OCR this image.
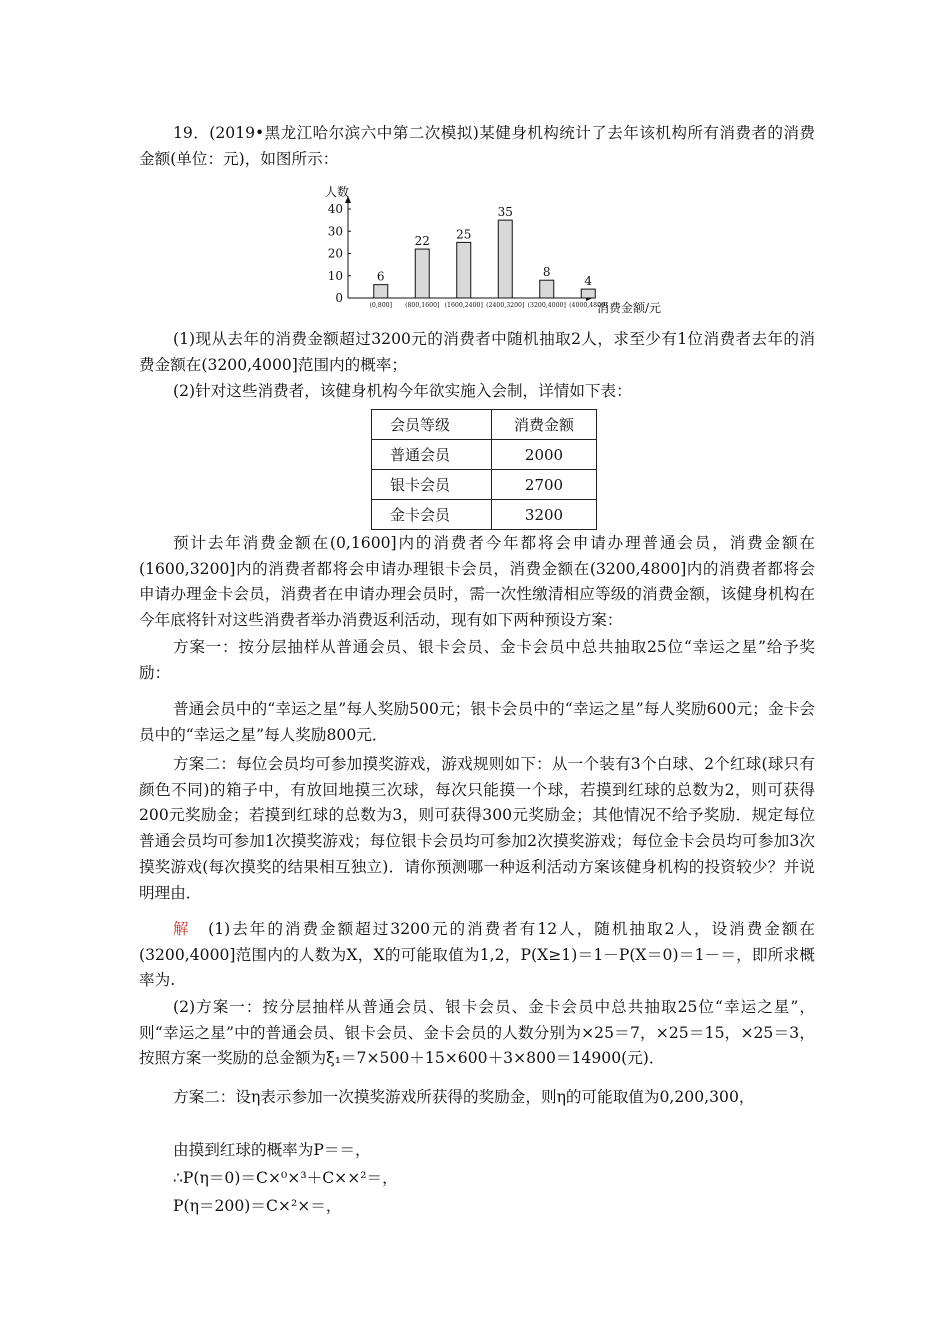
19．(2019•黑龙江哈尔滨六中第二次模拟)某健身机构统计了去年该机构所有消费者的消费金额(单位：元)，如图所示：

人数
消费金额/元
0
10
20
30
40
6
(0,800]
22
(800,1600]
25
(1600,2400]
35
(2400,3200]
8
(3200,4000]
4
(4000,4800]

(1)现从去年的消费金额超过3200元的消费者中随机抽取2人，求至少有1位消费者去年的消费金额在(3200,4000]范围内的概率；

(2)针对这些消费者，该健身机构今年欲实施入会制，详情如下表：

会员等级	消费金额
普通会员	2000
银卡会员	2700
金卡会员	3200

预计去年消费金额在(0,1600]内的消费者今年都将会申请办理普通会员，消费金额在(1600,3200]内的消费者都将会申请办理银卡会员，消费金额在(3200,4800]内的消费者都将会申请办理金卡会员，消费者在申请办理会员时，需一次性缴清相应等级的消费金额，该健身机构在今年底将针对这些消费者举办消费返利活动，现有如下两种预设方案：

方案一：按分层抽样从普通会员、银卡会员、金卡会员中总共抽取25位“幸运之星”给予奖励：

普通会员中的“幸运之星”每人奖励500元；银卡会员中的“幸运之星”每人奖励600元；金卡会员中的“幸运之星”每人奖励800元．

方案二：每位会员均可参加摸奖游戏，游戏规则如下：从一个装有3个白球、2个红球(球只有颜色不同)的箱子中，有放回地摸三次球，每次只能摸一个球，若摸到红球的总数为2，则可获得200元奖励金；若摸到红球的总数为3，则可获得300元奖励金；其他情况不给予奖励．规定每位普通会员均可参加1次摸奖游戏；每位银卡会员均可参加2次摸奖游戏；每位金卡会员均可参加3次摸奖游戏(每次摸奖的结果相互独立)．请你预测哪一种返利活动方案该健身机构的投资较少？并说明理由．

解　 (1)去年的消费金额超过3200元的消费者有12人，随机抽取2人，设消费金额在(3200,4000]范围内的人数为X，X的可能取值为1,2，P(X≥1)＝1－P(X＝0)＝1－＝，即所求概率为.

(2)方案一：按分层抽样从普通会员、银卡会员、金卡会员中总共抽取25位“幸运之星”，则“幸运之星”中的普通会员、银卡会员、金卡会员的人数分别为×25＝7，×25＝15，×25＝3，按照方案一奖励的总金额为ξ₁＝7×500＋15×600＋3×800＝14900(元)．

方案二：设η表示参加一次摸奖游戏所获得的奖励金，则η的可能取值为0,200,300，

由摸到红球的概率为P＝＝，

∴P(η＝0)＝C×⁰×³＋C××²＝，

P(η＝200)＝C×²×＝，
